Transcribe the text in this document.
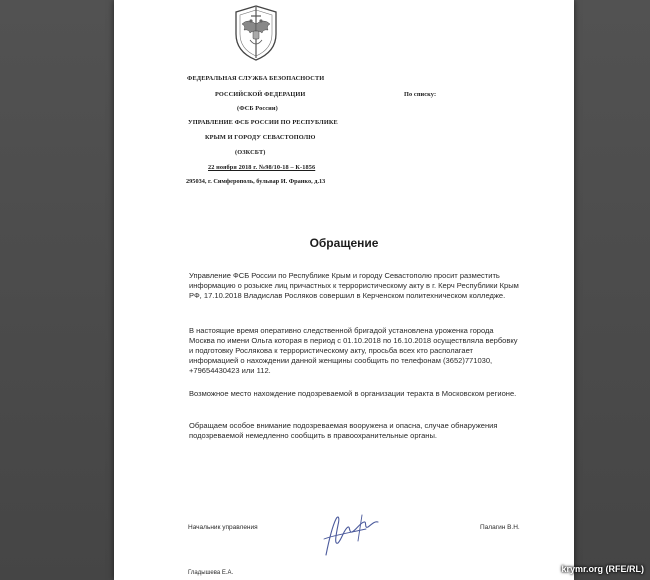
ФЕДЕРАЛЬНАЯ СЛУЖБА БЕЗОПАСНОСТИ
РОССИЙСКОЙ ФЕДЕРАЦИИ
(ФСБ России)
УПРАВЛЕНИЕ ФСБ РОССИИ ПО РЕСПУБЛИКЕ
КРЫМ И ГОРОДУ СЕВАСТОПОЛЮ
(ОЗКСБТ)
22 ноября 2018 г. №98/10-18 – К-1856
295034, г. Симферополь, бульвар И. Франко, д.13
По списку:
Обращение
Управление ФСБ России по Республике Крым и городу Севастополю просит разместить информацию о розыске лиц причастных к террористическому акту в г. Керч Республики Крым РФ, 17.10.2018 Владислав Росляков совершил в Керченском политехническом колледже.
В настоящие время оперативно следственной бригадой установлена уроженка города Москва по имени Ольга которая в период с 01.10.2018 по 16.10.2018 осуществляла вербовку и подготовку Рослякова к террористическому акту, просьба всех кто располагает информацией о нахождении данной женщины сообщить по телефонам (3652)771030, +79654430423 или 112.
Возможное место нахождение подозреваемой в организации теракта в Московском регионе.
Обращаем особое внимание подозреваемая вооружена и опасна, случае обнаружения подозреваемой немедленно сообщить в правоохранительные органы.
Начальник управления	Палагин В.Н.
Гладышева Е.А.	krymr.org (RFE/RL)
